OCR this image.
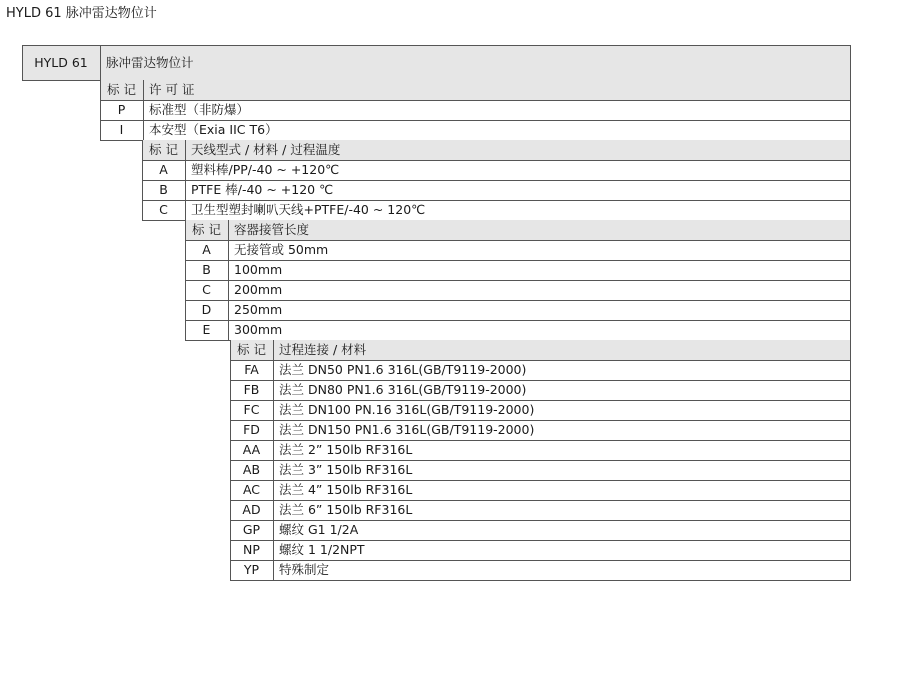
HYLD 61 脉冲雷达物位计
HYLD 61	脉冲雷达物位计
标 记	许 可 证
P	标准型（非防爆）
I	本安型（Exia IIC T6）
标 记	天线型式 / 材料 / 过程温度
A	塑料棒/PP/-40 ~ +120℃
B	PTFE 棒/-40 ~ +120 ℃
C	卫生型塑封喇叭天线+PTFE/-40 ~ 120℃
标 记	容器接管长度
A	无接管或 50mm
B	100mm
C	200mm
D	250mm
E	300mm
标 记	过程连接 / 材料
FA	法兰 DN50 PN1.6 316L(GB/T9119-2000)
FB	法兰 DN80 PN1.6 316L(GB/T9119-2000)
FC	法兰 DN100 PN.16 316L(GB/T9119-2000)
FD	法兰 DN150 PN1.6 316L(GB/T9119-2000)
AA	法兰 2” 150lb RF316L
AB	法兰 3” 150lb RF316L
AC	法兰 4” 150lb RF316L
AD	法兰 6” 150lb RF316L
GP	螺纹 G1 1/2A
NP	螺纹 1 1/2NPT
YP	特殊制定
